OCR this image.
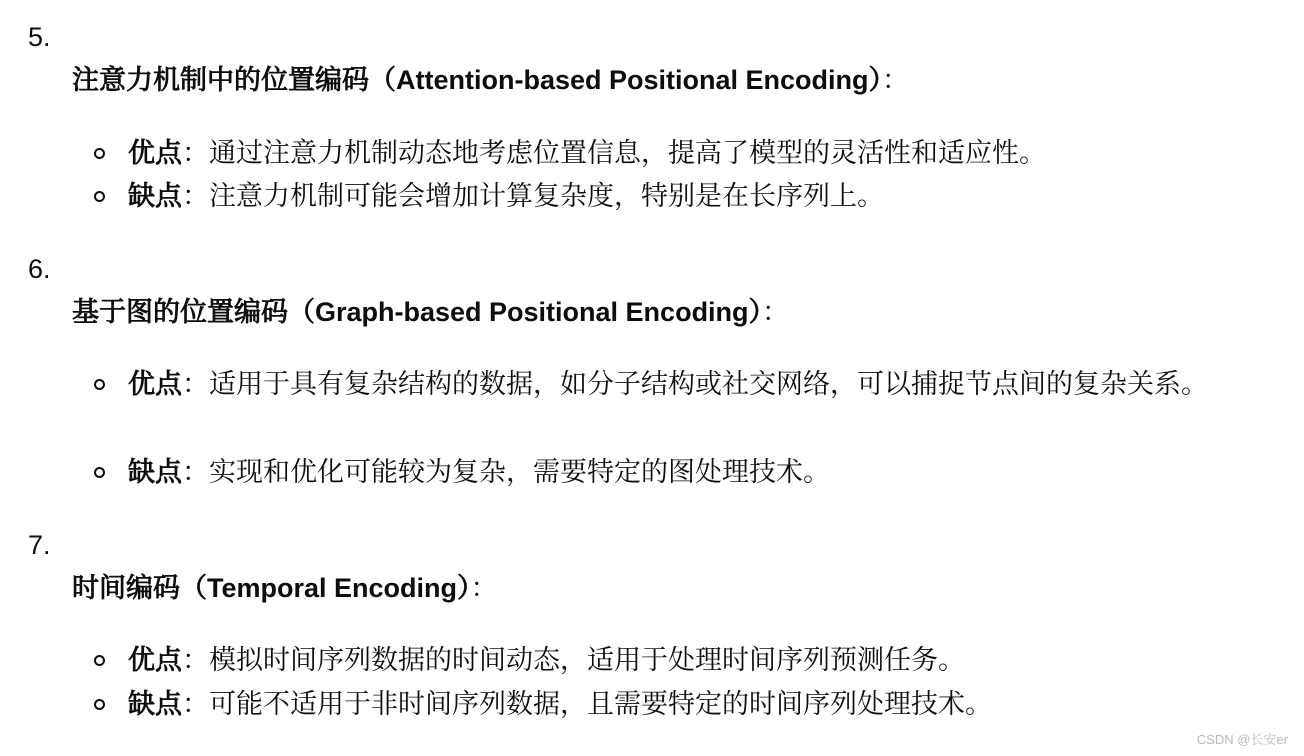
5.
注意力机制中的位置编码（Attention-based Positional Encoding）：
优点：通过注意力机制动态地考虑位置信息，提高了模型的灵活性和适应性。
缺点：注意力机制可能会增加计算复杂度，特别是在长序列上。
6.
基于图的位置编码（Graph-based Positional Encoding）：
优点：适用于具有复杂结构的数据，如分子结构或社交网络，可以捕捉节点间的复杂关系。
缺点：实现和优化可能较为复杂，需要特定的图处理技术。
7.
时间编码（Temporal Encoding）：
优点：模拟时间序列数据的时间动态，适用于处理时间序列预测任务。
缺点：可能不适用于非时间序列数据，且需要特定的时间序列处理技术。
CSDN @长安er
